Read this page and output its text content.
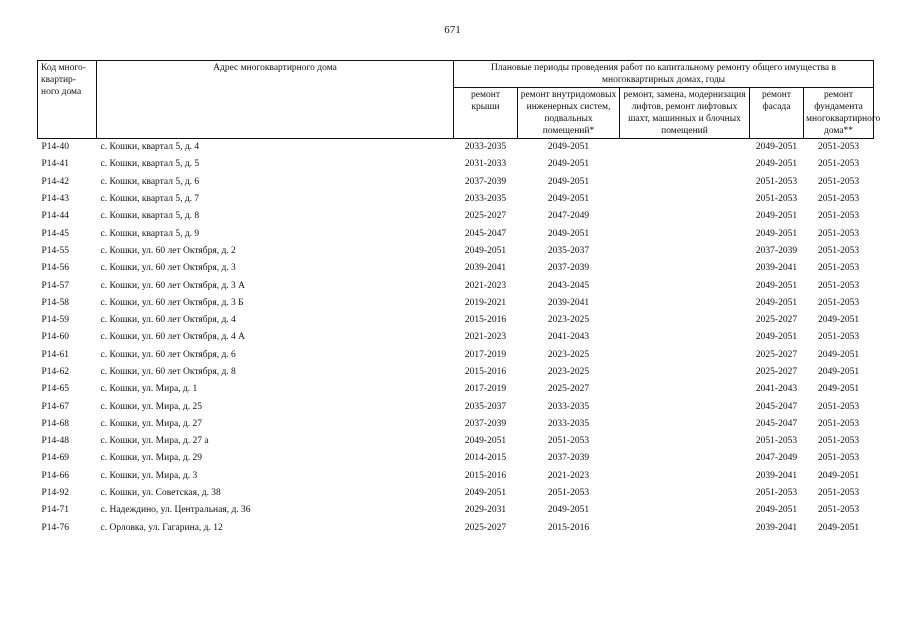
671
Код много-квартир-ного дома	Адрес многоквартирного дома	Плановые периоды проведения работ по капитальному ремонту общего имущества в многоквартирных домах, годы				
		ремонт крыши	ремонт внутридомовых инженерных систем, подвальных помещений*	ремонт, замена, модернизация лифтов, ремонт лифтовых шахт, машинных и блочных помещений	ремонт фасада	ремонт фундамента многоквартирного дома**
Р14-40	с. Кошки, квартал 5, д. 4	2033-2035	2049-2051		2049-2051	2051-2053
Р14-41	с. Кошки, квартал 5, д. 5	2031-2033	2049-2051		2049-2051	2051-2053
Р14-42	с. Кошки, квартал 5, д. 6	2037-2039	2049-2051		2051-2053	2051-2053
Р14-43	с. Кошки, квартал 5, д. 7	2033-2035	2049-2051		2051-2053	2051-2053
Р14-44	с. Кошки, квартал 5, д. 8	2025-2027	2047-2049		2049-2051	2051-2053
Р14-45	с. Кошки, квартал 5, д. 9	2045-2047	2049-2051		2049-2051	2051-2053
Р14-55	с. Кошки, ул. 60 лет Октября, д. 2	2049-2051	2035-2037		2037-2039	2051-2053
Р14-56	с. Кошки, ул. 60 лет Октября, д. 3	2039-2041	2037-2039		2039-2041	2051-2053
Р14-57	с. Кошки, ул. 60 лет Октября, д. 3 А	2021-2023	2043-2045		2049-2051	2051-2053
Р14-58	с. Кошки, ул. 60 лет Октября, д. 3 Б	2019-2021	2039-2041		2049-2051	2051-2053
Р14-59	с. Кошки, ул. 60 лет Октября, д. 4	2015-2016	2023-2025		2025-2027	2049-2051
Р14-60	с. Кошки, ул. 60 лет Октября, д. 4 А	2021-2023	2041-2043		2049-2051	2051-2053
Р14-61	с. Кошки, ул. 60 лет Октября, д. 6	2017-2019	2023-2025		2025-2027	2049-2051
Р14-62	с. Кошки, ул. 60 лет Октября, д. 8	2015-2016	2023-2025		2025-2027	2049-2051
Р14-65	с. Кошки, ул. Мира, д. 1	2017-2019	2025-2027		2041-2043	2049-2051
Р14-67	с. Кошки, ул. Мира, д. 25	2035-2037	2033-2035		2045-2047	2051-2053
Р14-68	с. Кошки, ул. Мира, д. 27	2037-2039	2033-2035		2045-2047	2051-2053
Р14-48	с. Кошки, ул. Мира, д. 27 а	2049-2051	2051-2053		2051-2053	2051-2053
Р14-69	с. Кошки, ул. Мира, д. 29	2014-2015	2037-2039		2047-2049	2051-2053
Р14-66	с. Кошки, ул. Мира, д. 3	2015-2016	2021-2023		2039-2041	2049-2051
Р14-92	с. Кошки, ул. Советская, д. 38	2049-2051	2051-2053		2051-2053	2051-2053
Р14-71	с. Надеждино, ул. Центральная, д. 36	2029-2031	2049-2051		2049-2051	2051-2053
Р14-76	с. Орловка, ул. Гагарина, д. 12	2025-2027	2015-2016		2039-2041	2049-2051
